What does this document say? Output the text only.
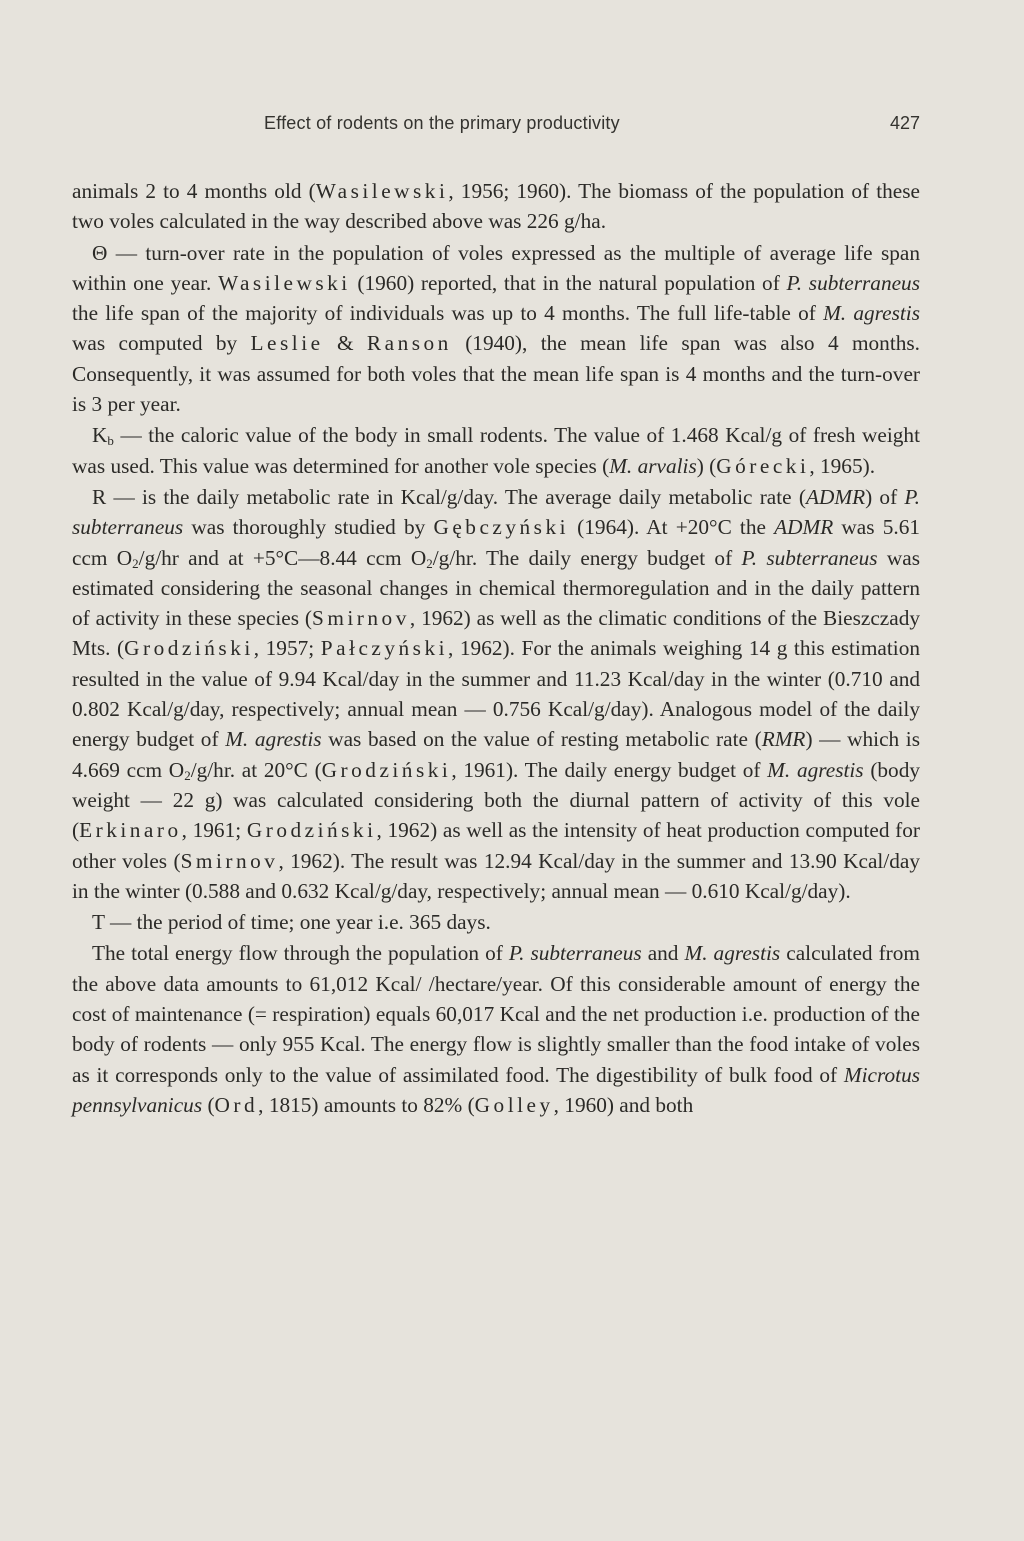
Effect of rodents on the primary productivity	427

animals 2 to 4 months old (Wasilewski, 1956; 1960). The biomass of the population of these two voles calculated in the way described above was 226 g/ha.

Θ — turn-over rate in the population of voles expressed as the multiple of average life span within one year. Wasilewski (1960) reported, that in the natural population of P. subterraneus the life span of the majority of individuals was up to 4 months. The full life-table of M. agrestis was computed by Leslie & Ranson (1940), the mean life span was also 4 months. Consequently, it was assumed for both voles that the mean life span is 4 months and the turn-over is 3 per year.

$K_b$ — the caloric value of the body in small rodents. The value of 1.468 Kcal/g of fresh weight was used. This value was determined for another vole species (M. arvalis) (Górecki, 1965).

R — is the daily metabolic rate in Kcal/g/day. The average daily metabolic rate (ADMR) of P. subterraneus was thoroughly studied by Gębczyński (1964). At +20°C the ADMR was 5.61 ccm $O_2/g/hr$ and at +5°C—8.44 ccm $O_2/g/hr$. The daily energy budget of P. subterraneus was estimated considering the seasonal changes in chemical thermoregulation and in the daily pattern of activity in these species (Smirnov, 1962) as well as the climatic conditions of the Bieszczady Mts. (Grodziński, 1957; Pałczyński, 1962). For the animals weighing 14 g this estimation resulted in the value of 9.94 Kcal/day in the summer and 11.23 Kcal/day in the winter (0.710 and 0.802 Kcal/g/day, respectively; annual mean — 0.756 Kcal/g/day). Analogous model of the daily energy budget of M. agrestis was based on the value of resting metabolic rate (RMR) — which is 4.669 ccm $O_2/g/hr$. at 20°C (Grodziński, 1961). The daily energy budget of M. agrestis (body weight — 22 g) was calculated considering both the diurnal pattern of activity of this vole (Erkinaro, 1961; Grodziński, 1962) as well as the intensity of heat production computed for other voles (Smirnov, 1962). The result was 12.94 Kcal/day in the summer and 13.90 Kcal/day in the winter (0.588 and 0.632 Kcal/g/day, respectively; annual mean — 0.610 Kcal/g/day).

T — the period of time; one year i.e. 365 days.

The total energy flow through the population of P. subterraneus and M. agrestis calculated from the above data amounts to 61,012 Kcal/ /hectare/year. Of this considerable amount of energy the cost of maintenance (= respiration) equals 60,017 Kcal and the net production i.e. production of the body of rodents — only 955 Kcal. The energy flow is slightly smaller than the food intake of voles as it corresponds only to the value of assimilated food. The digestibility of bulk food of Microtus pennsylvanicus (Ord, 1815) amounts to 82% (Golley, 1960) and both
